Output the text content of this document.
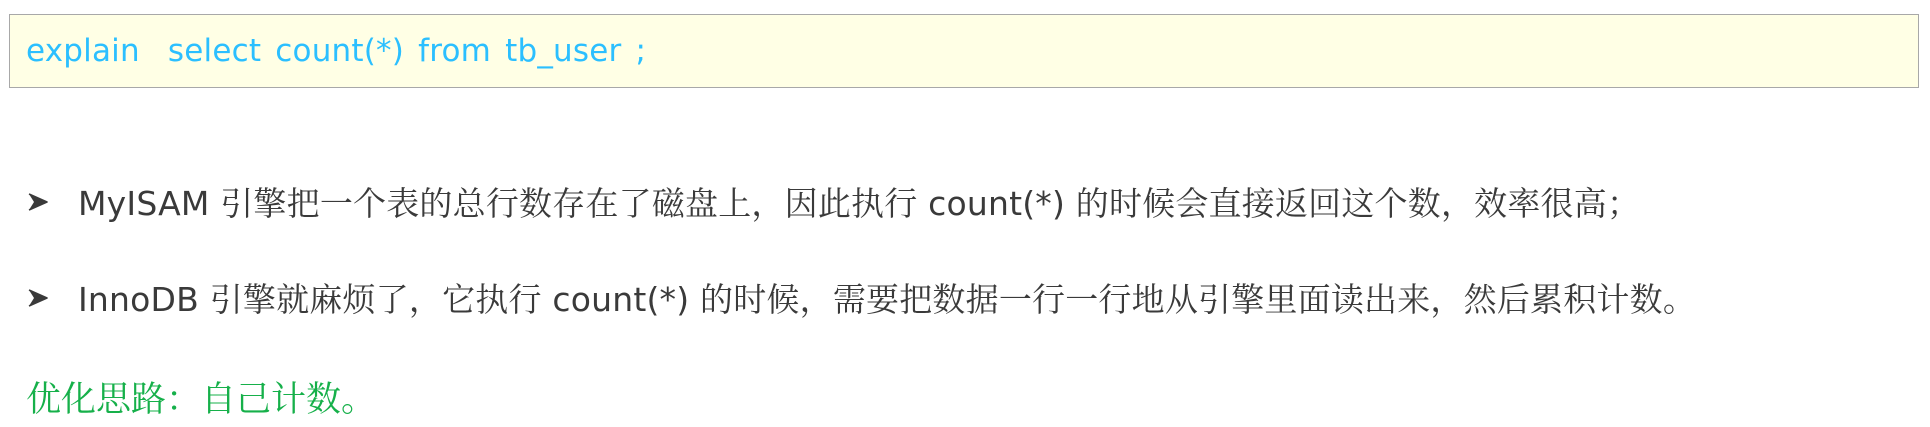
explain  select count(*) from tb_user ;
MyISAM 引擎把一个表的总行数存在了磁盘上，因此执行 count(*) 的时候会直接返回这个数，效率很高；
InnoDB 引擎就麻烦了，它执行 count(*) 的时候，需要把数据一行一行地从引擎里面读出来，然后累积计数。
优化思路：自己计数。
